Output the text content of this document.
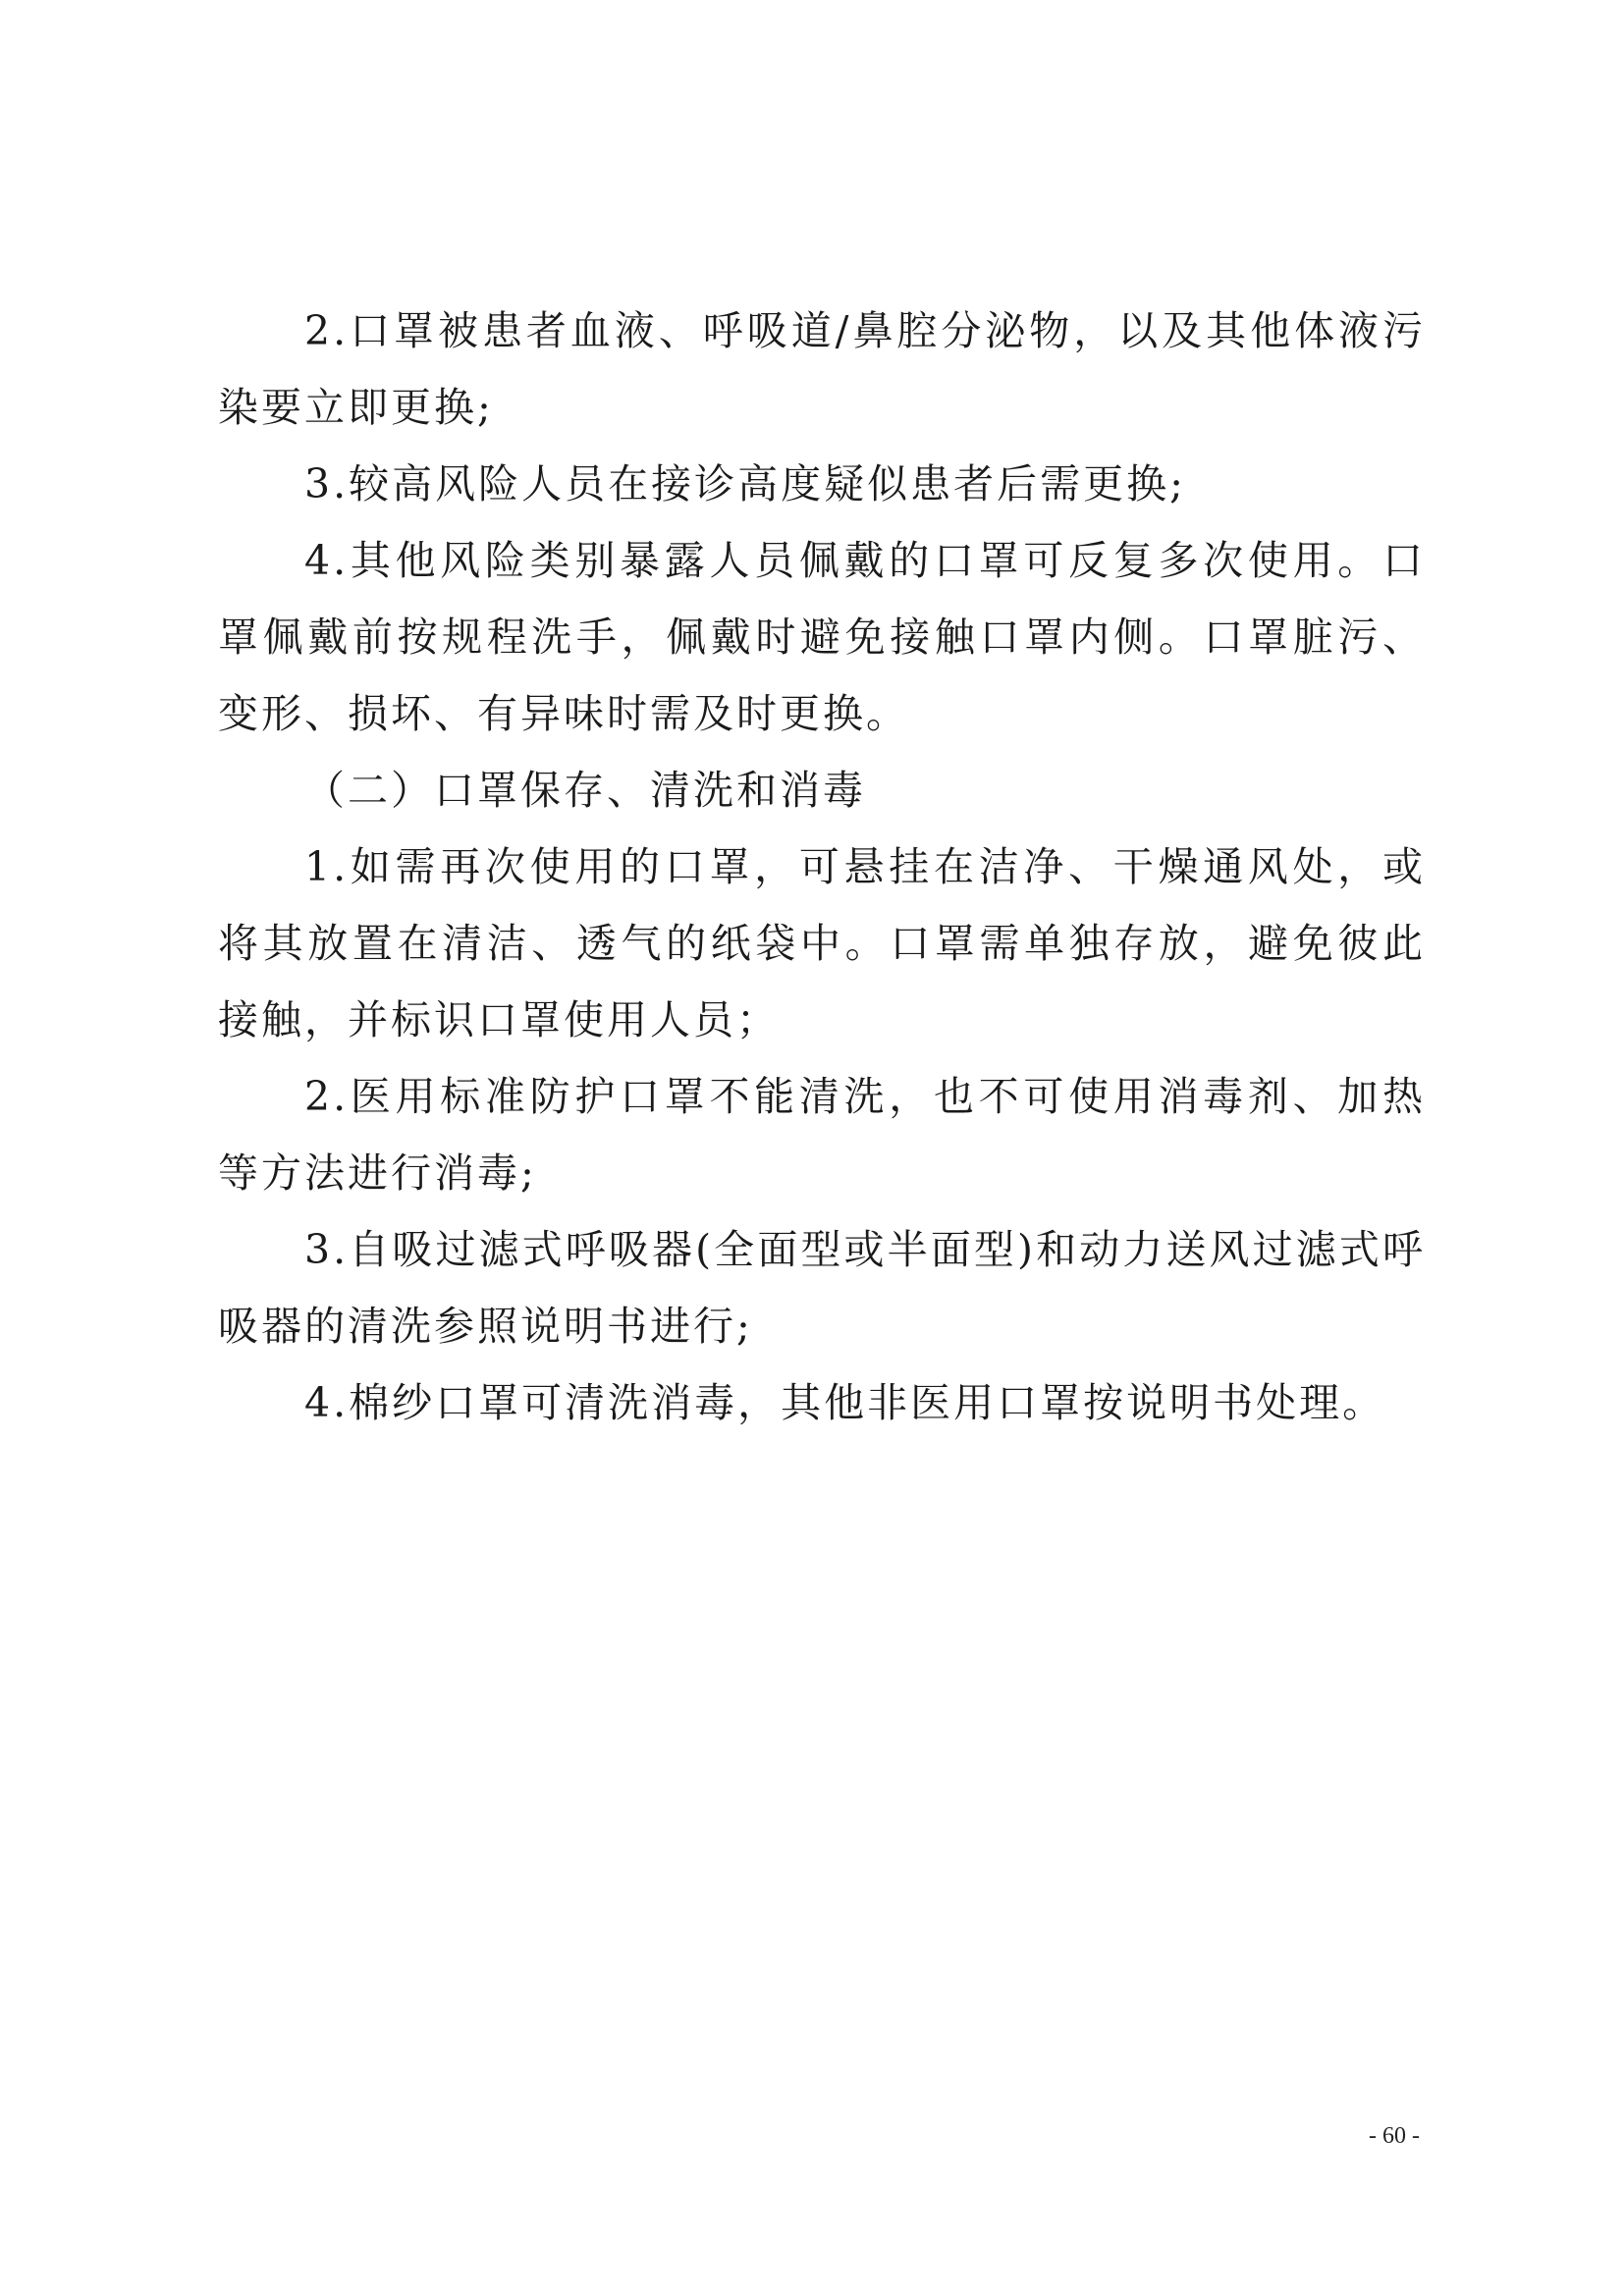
2.口罩被患者血液、呼吸道/鼻腔分泌物，以及其他体液污染要立即更换;

3.较高风险人员在接诊高度疑似患者后需更换;

4.其他风险类别暴露人员佩戴的口罩可反复多次使用。口罩佩戴前按规程洗手，佩戴时避免接触口罩内侧。口罩脏污、变形、损坏、有异味时需及时更换。

（二）口罩保存、清洗和消毒

1.如需再次使用的口罩，可悬挂在洁净、干燥通风处，或将其放置在清洁、透气的纸袋中。口罩需单独存放，避免彼此接触，并标识口罩使用人员；

2.医用标准防护口罩不能清洗，也不可使用消毒剂、加热等方法进行消毒;

3.自吸过滤式呼吸器(全面型或半面型)和动力送风过滤式呼吸器的清洗参照说明书进行;

4.棉纱口罩可清洗消毒，其他非医用口罩按说明书处理。

- 60 -
